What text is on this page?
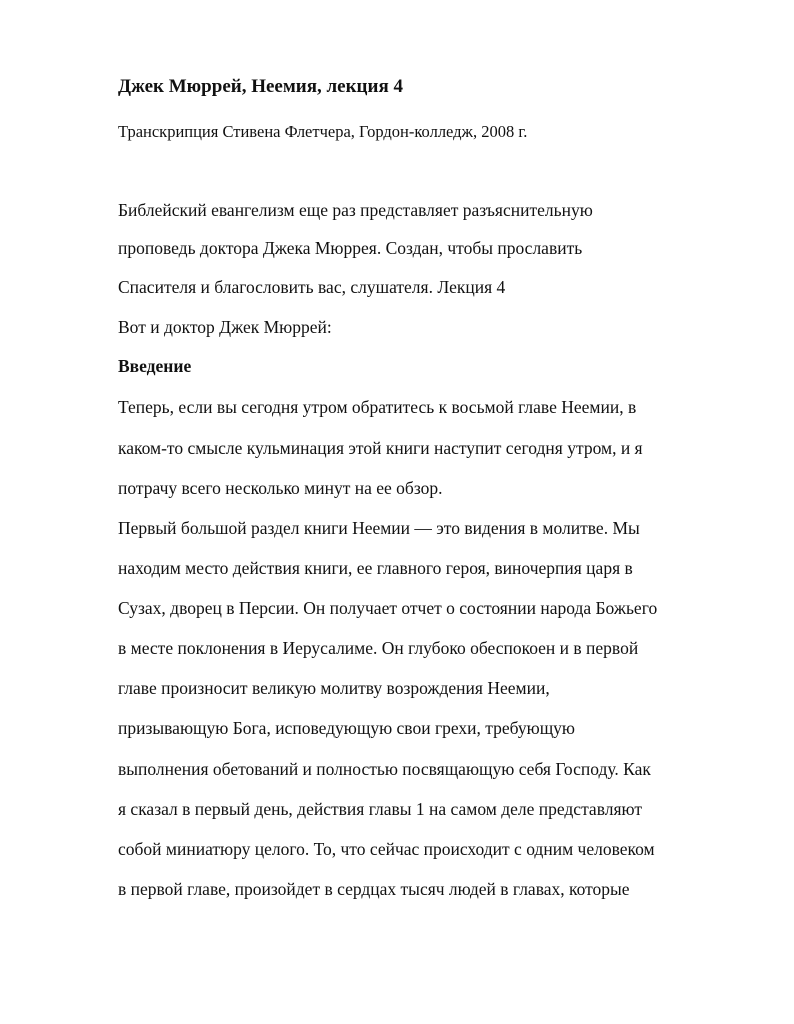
Джек Мюррей, Неемия, лекция 4
Транскрипция Стивена Флетчера, Гордон-колледж, 2008 г.
Библейский евангелизм еще раз представляет разъяснительную
проповедь доктора Джека Мюррея. Создан, чтобы прославить
Спасителя и благословить вас, слушателя. Лекция 4
Вот и доктор Джек Мюррей:
Введение
Теперь, если вы сегодня утром обратитесь к восьмой главе Неемии, в
каком-то смысле кульминация этой книги наступит сегодня утром, и я
потрачу всего несколько минут на ее обзор.
Первый большой раздел книги Неемии — это видения в молитве. Мы
находим место действия книги, ее главного героя, виночерпия царя в
Сузах, дворец в Персии. Он получает отчет о состоянии народа Божьего
в месте поклонения в Иерусалиме. Он глубоко обеспокоен и в первой
главе произносит великую молитву возрождения Неемии,
призывающую Бога, исповедующую свои грехи, требующую
выполнения обетований и полностью посвящающую себя Господу. Как
я сказал в первый день, действия главы 1 на самом деле представляют
собой миниатюру целого. То, что сейчас происходит с одним человеком
в первой главе, произойдет в сердцах тысяч людей в главах, которые
